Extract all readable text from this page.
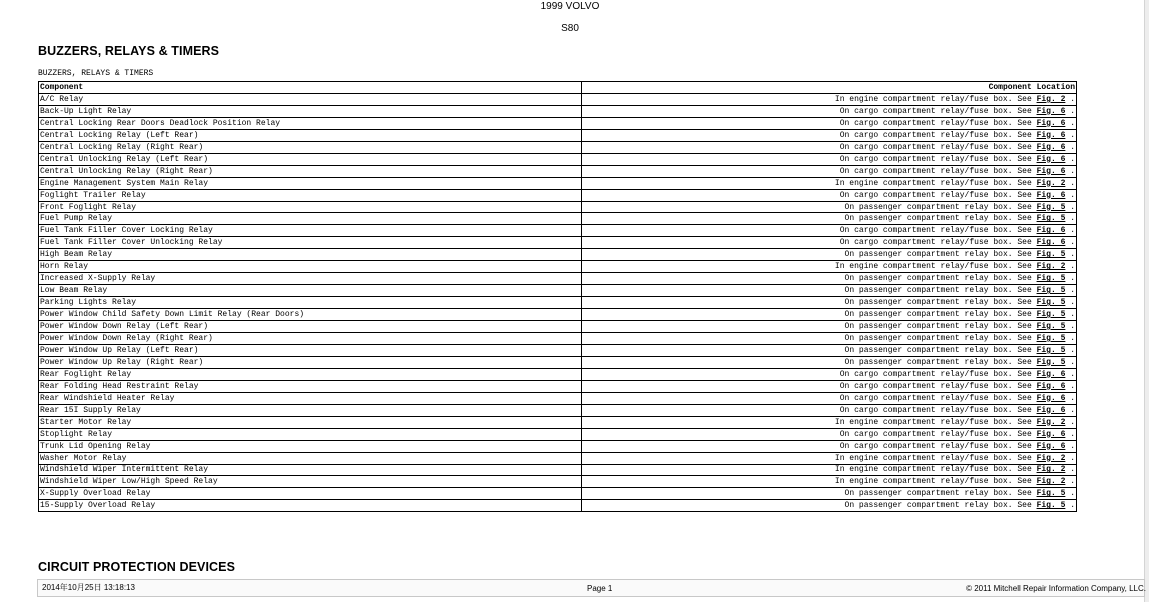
1999 VOLVO
S80
BUZZERS, RELAYS & TIMERS
BUZZERS, RELAYS & TIMERS
Component	Component Location
A/C Relay	In engine compartment relay/fuse box. See Fig. 2 .
Back-Up Light Relay	On cargo compartment relay/fuse box. See Fig. 6 .
Central Locking Rear Doors Deadlock Position Relay	On cargo compartment relay/fuse box. See Fig. 6 .
Central Locking Relay (Left Rear)	On cargo compartment relay/fuse box. See Fig. 6 .
Central Locking Relay (Right Rear)	On cargo compartment relay/fuse box. See Fig. 6 .
Central Unlocking Relay (Left Rear)	On cargo compartment relay/fuse box. See Fig. 6 .
Central Unlocking Relay (Right Rear)	On cargo compartment relay/fuse box. See Fig. 6 .
Engine Management System Main Relay	In engine compartment relay/fuse box. See Fig. 2 .
Foglight Trailer Relay	On cargo compartment relay/fuse box. See Fig. 6 .
Front Foglight Relay	On passenger compartment relay box. See Fig. 5 .
Fuel Pump Relay	On passenger compartment relay box. See Fig. 5 .
Fuel Tank Filler Cover Locking Relay	On cargo compartment relay/fuse box. See Fig. 6 .
Fuel Tank Filler Cover Unlocking Relay	On cargo compartment relay/fuse box. See Fig. 6 .
High Beam Relay	On passenger compartment relay box. See Fig. 5 .
Horn Relay	In engine compartment relay/fuse box. See Fig. 2 .
Increased X-Supply Relay	On passenger compartment relay box. See Fig. 5 .
Low Beam Relay	On passenger compartment relay box. See Fig. 5 .
Parking Lights Relay	On passenger compartment relay box. See Fig. 5 .
Power Window Child Safety Down Limit Relay (Rear Doors)	On passenger compartment relay box. See Fig. 5 .
Power Window Down Relay (Left Rear)	On passenger compartment relay box. See Fig. 5 .
Power Window Down Relay (Right Rear)	On passenger compartment relay box. See Fig. 5 .
Power Window Up Relay (Left Rear)	On passenger compartment relay box. See Fig. 5 .
Power Window Up Relay (Right Rear)	On passenger compartment relay box. See Fig. 5 .
Rear Foglight Relay	On cargo compartment relay/fuse box. See Fig. 6 .
Rear Folding Head Restraint Relay	On cargo compartment relay/fuse box. See Fig. 6 .
Rear Windshield Heater Relay	On cargo compartment relay/fuse box. See Fig. 6 .
Rear 15I Supply Relay	On cargo compartment relay/fuse box. See Fig. 6 .
Starter Motor Relay	In engine compartment relay/fuse box. See Fig. 2 .
Stoplight Relay	On cargo compartment relay/fuse box. See Fig. 6 .
Trunk Lid Opening Relay	On cargo compartment relay/fuse box. See Fig. 6 .
Washer Motor Relay	In engine compartment relay/fuse box. See Fig. 2 .
Windshield Wiper Intermittent Relay	In engine compartment relay/fuse box. See Fig. 2 .
Windshield Wiper Low/High Speed Relay	In engine compartment relay/fuse box. See Fig. 2 .
X-Supply Overload Relay	On passenger compartment relay box. See Fig. 5 .
15-Supply Overload Relay	On passenger compartment relay box. See Fig. 5 .
CIRCUIT PROTECTION DEVICES
2014年10月25日 13:18:13	Page 1	© 2011 Mitchell Repair Information Company, LLC.
